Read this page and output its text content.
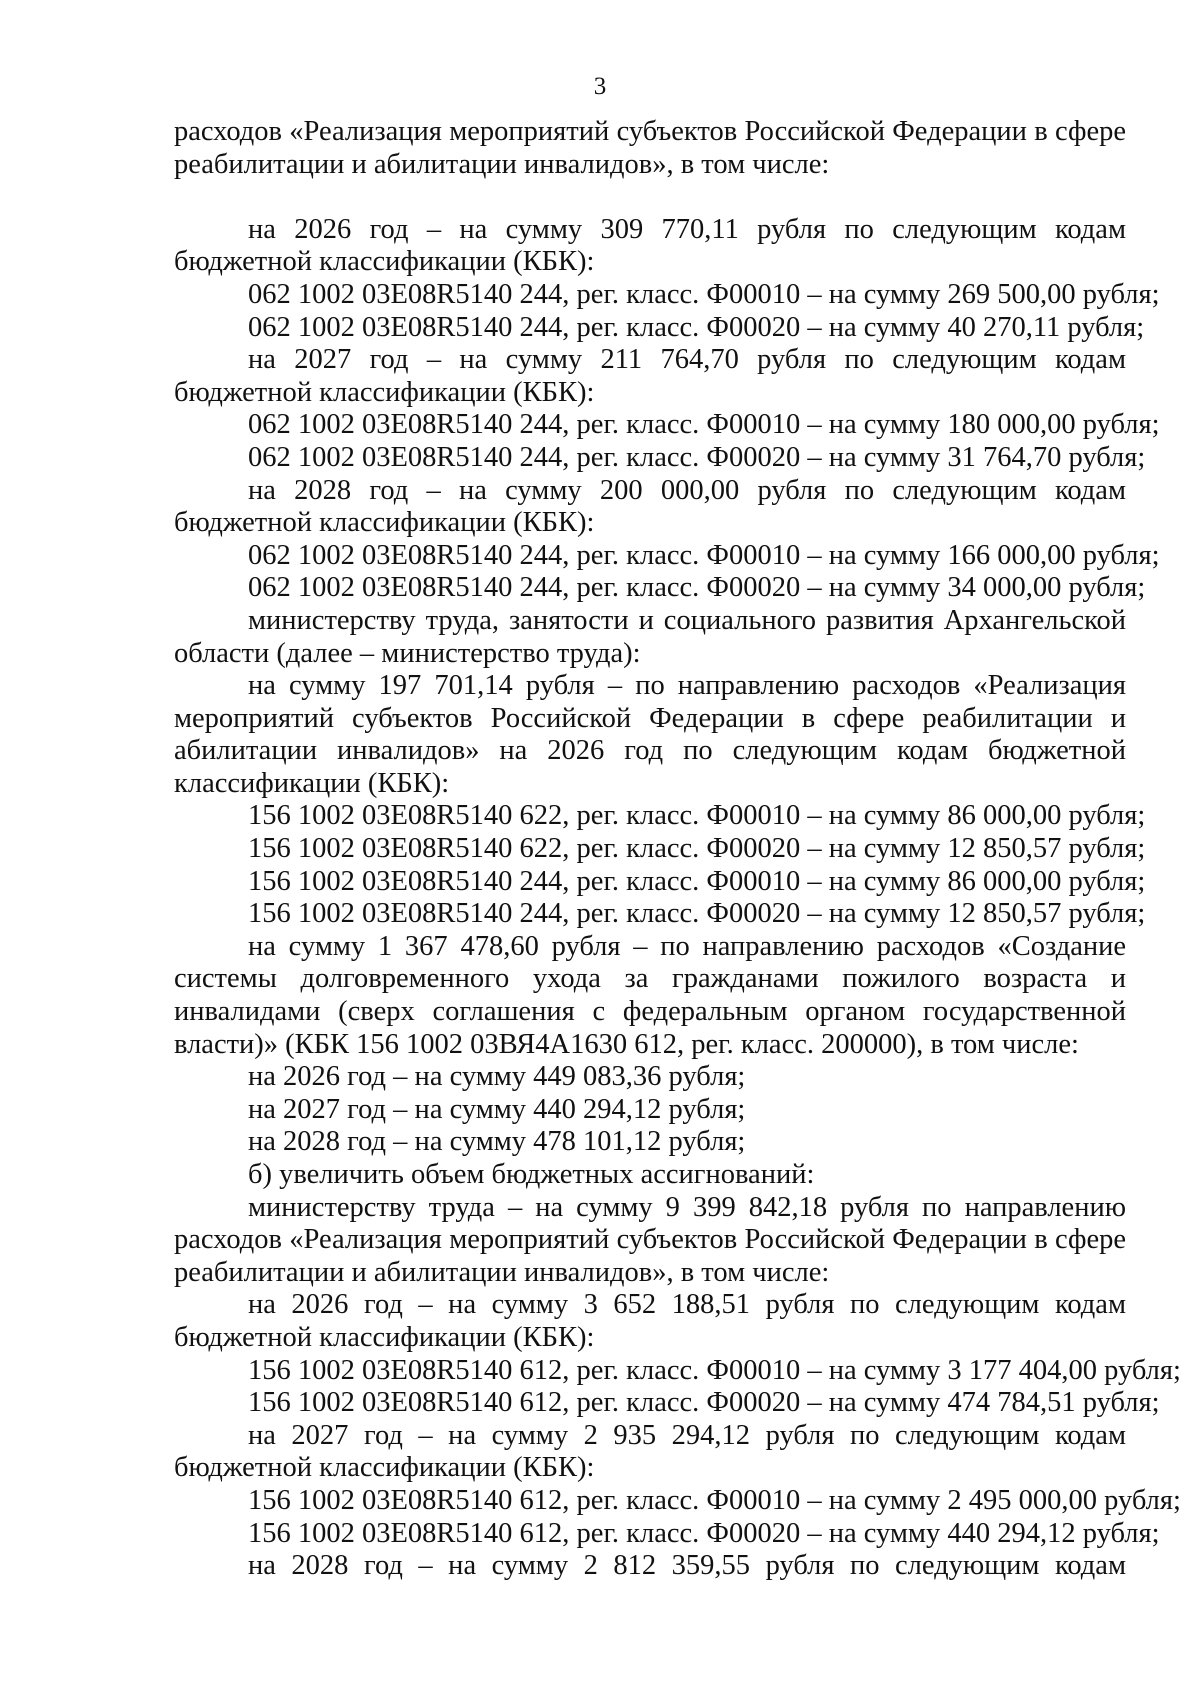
3

расходов «Реализация мероприятий субъектов Российской Федерации в сфере реабилитации и абилитации инвалидов», в том числе:

на 2026 год – на сумму 309 770,11 рубля по следующим кодам бюджетной классификации (КБК):

062 1002 03Е08R5140 244, рег. класс. Ф00010 – на сумму 269 500,00 рубля;

062 1002 03Е08R5140 244, рег. класс. Ф00020 – на сумму 40 270,11 рубля;

на 2027 год – на сумму 211 764,70 рубля по следующим кодам бюджетной классификации (КБК):

062 1002 03Е08R5140 244, рег. класс. Ф00010 – на сумму 180 000,00 рубля;

062 1002 03Е08R5140 244, рег. класс. Ф00020 – на сумму 31 764,70 рубля;

на 2028 год – на сумму 200 000,00 рубля по следующим кодам бюджетной классификации (КБК):

062 1002 03Е08R5140 244, рег. класс. Ф00010 – на сумму 166 000,00 рубля;

062 1002 03Е08R5140 244, рег. класс. Ф00020 – на сумму 34 000,00 рубля;

министерству труда, занятости и социального развития Архангельской области (далее – министерство труда):

на сумму 197 701,14 рубля – по направлению расходов «Реализация мероприятий субъектов Российской Федерации в сфере реабилитации и абилитации инвалидов» на 2026 год по следующим кодам бюджетной классификации (КБК):

156 1002 03Е08R5140 622, рег. класс. Ф00010 – на сумму 86 000,00 рубля;

156 1002 03Е08R5140 622, рег. класс. Ф00020 – на сумму 12 850,57 рубля;

156 1002 03Е08R5140 244, рег. класс. Ф00010 – на сумму 86 000,00 рубля;

156 1002 03Е08R5140 244, рег. класс. Ф00020 – на сумму 12 850,57 рубля;

на сумму 1 367 478,60 рубля – по направлению расходов «Создание системы долговременного ухода за гражданами пожилого возраста и инвалидами (сверх соглашения с федеральным органом государственной власти)» (КБК 156 1002 03ВЯ4А1630 612, рег. класс. 200000), в том числе:

на 2026 год – на сумму 449 083,36 рубля;

на 2027 год – на сумму 440 294,12 рубля;

на 2028 год – на сумму 478 101,12 рубля;

б) увеличить объем бюджетных ассигнований:

министерству труда – на сумму 9 399 842,18 рубля по направлению расходов «Реализация мероприятий субъектов Российской Федерации в сфере реабилитации и абилитации инвалидов», в том числе:

на 2026 год – на сумму 3 652 188,51 рубля по следующим кодам бюджетной классификации (КБК):

156 1002 03Е08R5140 612, рег. класс. Ф00010 – на сумму 3 177 404,00 рубля;

156 1002 03Е08R5140 612, рег. класс. Ф00020 – на сумму 474 784,51 рубля;

на 2027 год – на сумму 2 935 294,12 рубля по следующим кодам бюджетной классификации (КБК):

156 1002 03Е08R5140 612, рег. класс. Ф00010 – на сумму 2 495 000,00 рубля;

156 1002 03Е08R5140 612, рег. класс. Ф00020 – на сумму 440 294,12 рубля;

на 2028 год – на сумму 2 812 359,55 рубля по следующим кодам
